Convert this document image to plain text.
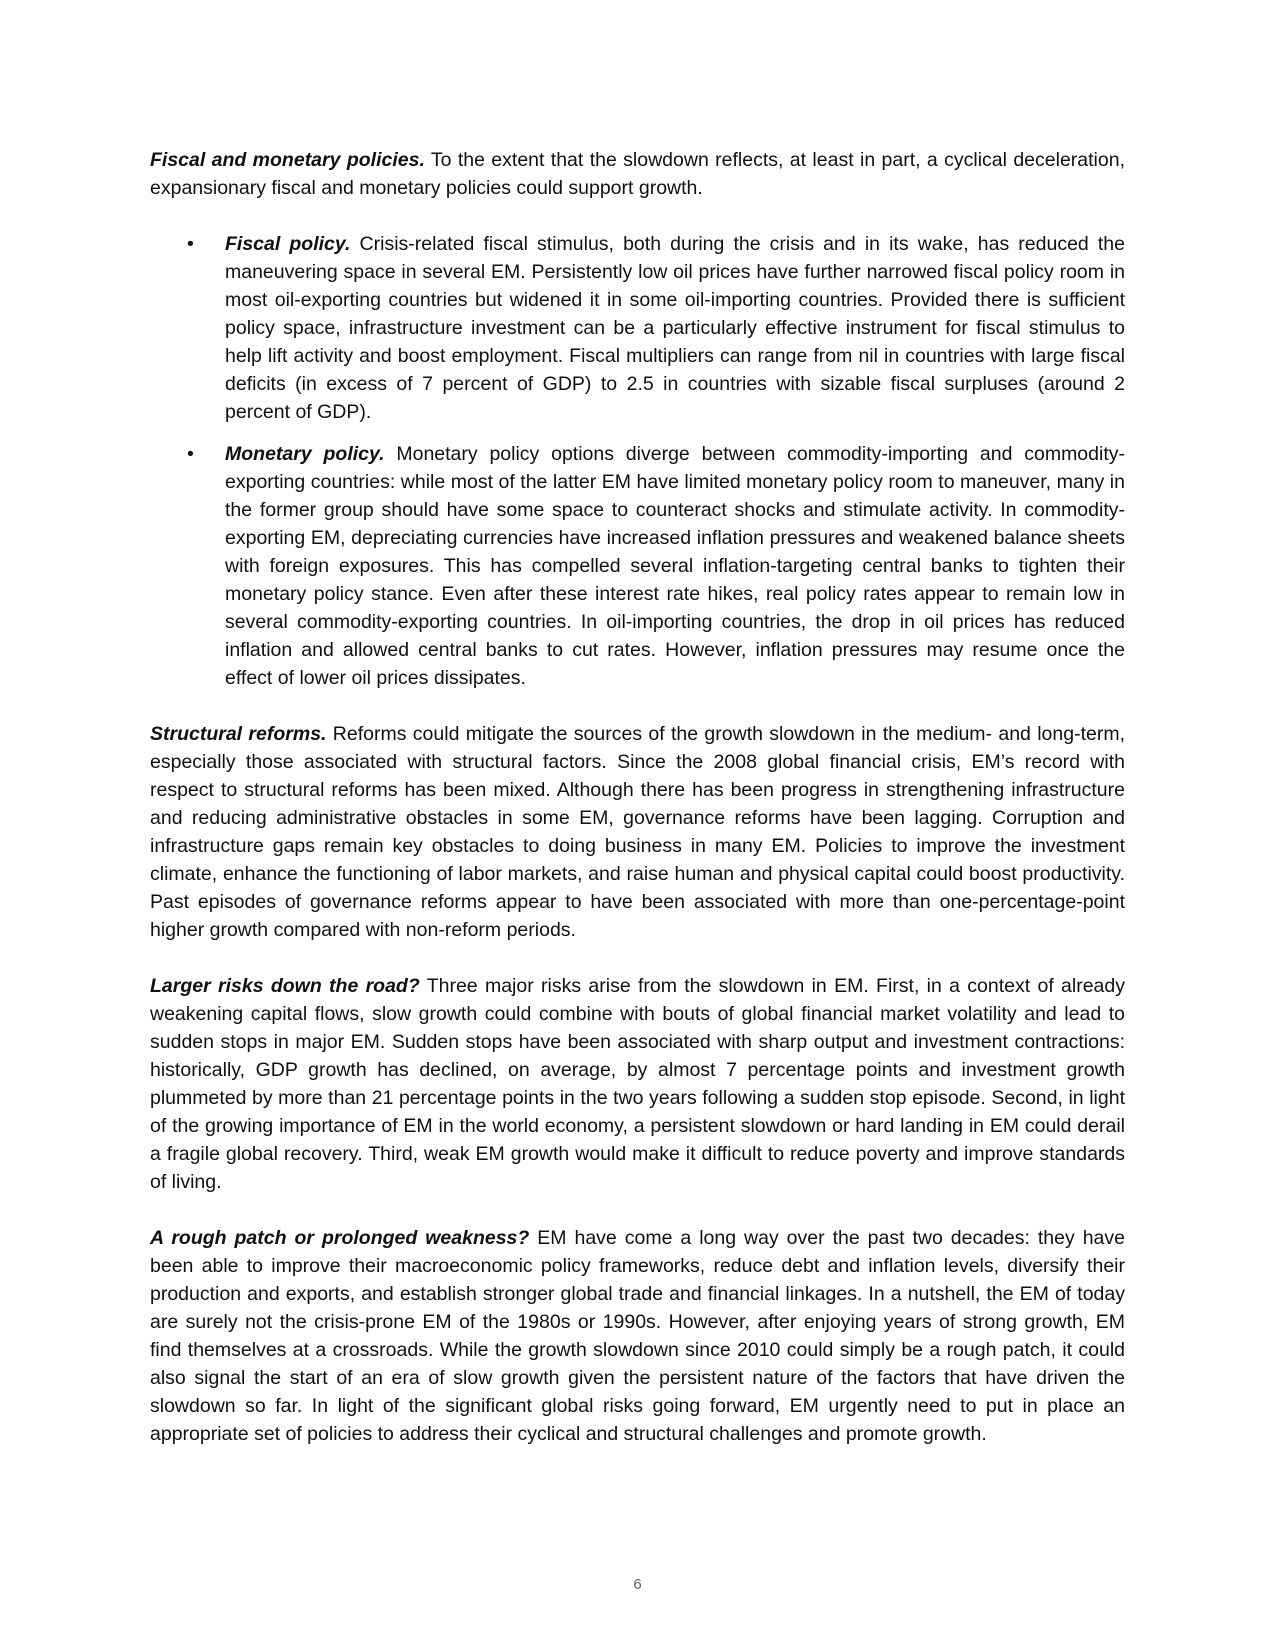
Fiscal and monetary policies. To the extent that the slowdown reflects, at least in part, a cyclical deceleration, expansionary fiscal and monetary policies could support growth.

• Fiscal policy. Crisis-related fiscal stimulus, both during the crisis and in its wake, has reduced the maneuvering space in several EM. Persistently low oil prices have further narrowed fiscal policy room in most oil-exporting countries but widened it in some oil-importing countries. Provided there is sufficient policy space, infrastructure investment can be a particularly effective instrument for fiscal stimulus to help lift activity and boost employment. Fiscal multipliers can range from nil in countries with large fiscal deficits (in excess of 7 percent of GDP) to 2.5 in countries with sizable fiscal surpluses (around 2 percent of GDP).

• Monetary policy. Monetary policy options diverge between commodity-importing and commodity-exporting countries: while most of the latter EM have limited monetary policy room to maneuver, many in the former group should have some space to counteract shocks and stimulate activity. In commodity-exporting EM, depreciating currencies have increased inflation pressures and weakened balance sheets with foreign exposures. This has compelled several inflation-targeting central banks to tighten their monetary policy stance. Even after these interest rate hikes, real policy rates appear to remain low in several commodity-exporting countries. In oil-importing countries, the drop in oil prices has reduced inflation and allowed central banks to cut rates. However, inflation pressures may resume once the effect of lower oil prices dissipates.

Structural reforms. Reforms could mitigate the sources of the growth slowdown in the medium- and long-term, especially those associated with structural factors. Since the 2008 global financial crisis, EM’s record with respect to structural reforms has been mixed. Although there has been progress in strengthening infrastructure and reducing administrative obstacles in some EM, governance reforms have been lagging. Corruption and infrastructure gaps remain key obstacles to doing business in many EM. Policies to improve the investment climate, enhance the functioning of labor markets, and raise human and physical capital could boost productivity. Past episodes of governance reforms appear to have been associated with more than one-percentage-point higher growth compared with non-reform periods.

Larger risks down the road? Three major risks arise from the slowdown in EM. First, in a context of already weakening capital flows, slow growth could combine with bouts of global financial market volatility and lead to sudden stops in major EM. Sudden stops have been associated with sharp output and investment contractions: historically, GDP growth has declined, on average, by almost 7 percentage points and investment growth plummeted by more than 21 percentage points in the two years following a sudden stop episode. Second, in light of the growing importance of EM in the world economy, a persistent slowdown or hard landing in EM could derail a fragile global recovery. Third, weak EM growth would make it difficult to reduce poverty and improve standards of living.

A rough patch or prolonged weakness? EM have come a long way over the past two decades: they have been able to improve their macroeconomic policy frameworks, reduce debt and inflation levels, diversify their production and exports, and establish stronger global trade and financial linkages. In a nutshell, the EM of today are surely not the crisis-prone EM of the 1980s or 1990s. However, after enjoying years of strong growth, EM find themselves at a crossroads. While the growth slowdown since 2010 could simply be a rough patch, it could also signal the start of an era of slow growth given the persistent nature of the factors that have driven the slowdown so far. In light of the significant global risks going forward, EM urgently need to put in place an appropriate set of policies to address their cyclical and structural challenges and promote growth.

6
